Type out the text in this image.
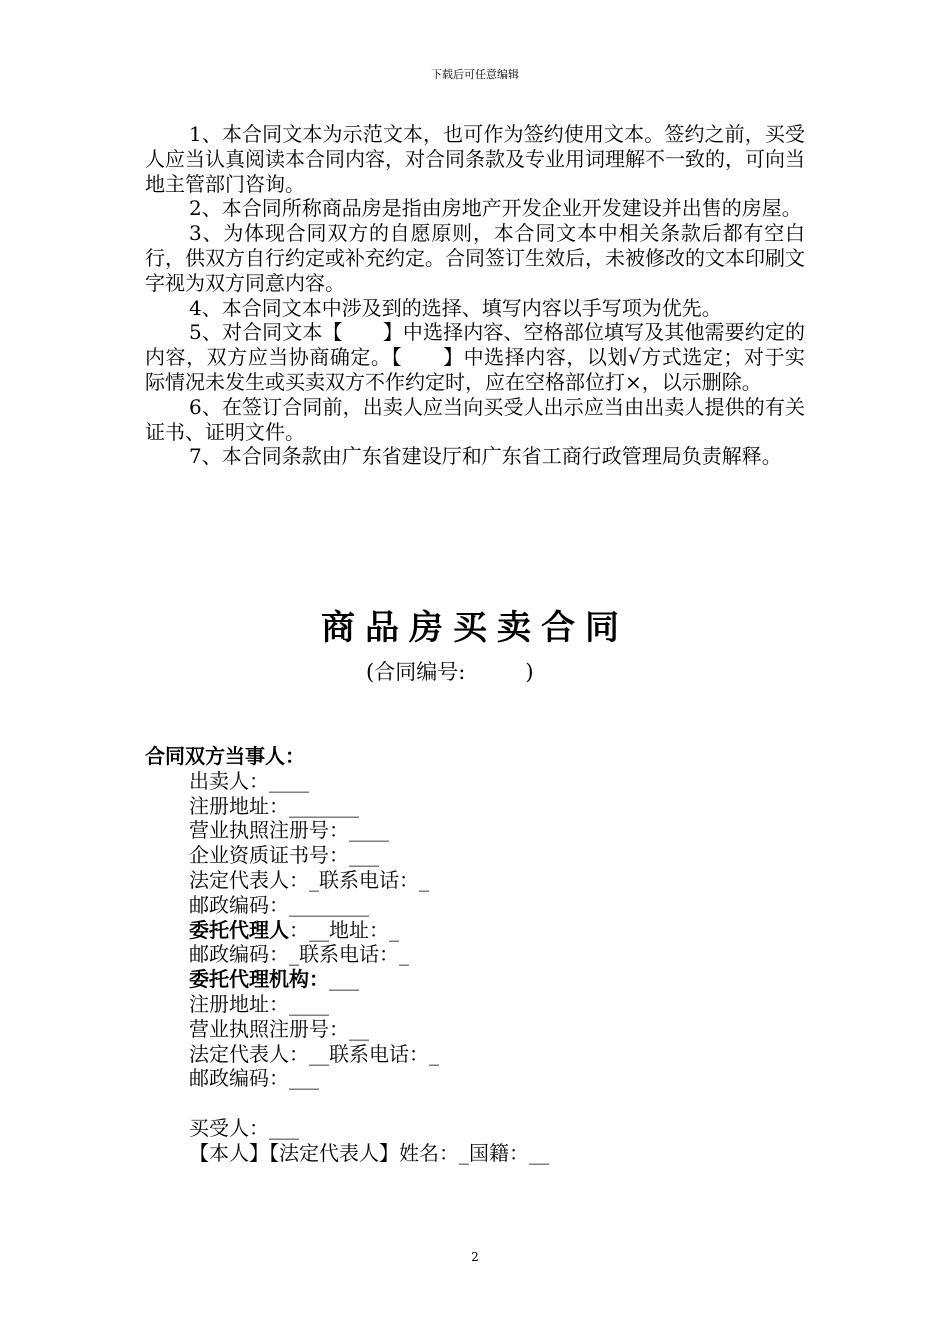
下载后可任意编辑

1、本合同文本为示范文本，也可作为签约使用文本。签约之前，买受人应当认真阅读本合同内容，对合同条款及专业用词理解不一致的，可向当地主管部门咨询。

2、本合同所称商品房是指由房地产开发企业开发建设并出售的房屋。

3、为体现合同双方的自愿原则，本合同文本中相关条款后都有空白行，供双方自行约定或补充约定。合同签订生效后，未被修改的文本印刷文字视为双方同意内容。

4、本合同文本中涉及到的选择、填写内容以手写项为优先。

5、对合同文本【　　】中选择内容、空格部位填写及其他需要约定的内容，双方应当协商确定。【　　】中选择内容，以划√方式选定；对于实际情况未发生或买卖双方不作约定时，应在空格部位打×，以示删除。

6、在签订合同前，出卖人应当向买受人出示应当由出卖人提供的有关证书、证明文件。

7、本合同条款由广东省建设厅和广东省工商行政管理局负责解释。

商品房买卖合同
(合同编号:         )
合同双方当事人：
出卖人：____
注册地址：_______
营业执照注册号：____
企业资质证书号：___
法定代表人：_联系电话：_
邮政编码：________
委托代理人：__地址：_
邮政编码：_联系电话：_
委托代理机构：___
注册地址：____
营业执照注册号：__
法定代表人：__联系电话：_
邮政编码：___
买受人：___
【本人】【法定代表人】姓名：_国籍：__
2
